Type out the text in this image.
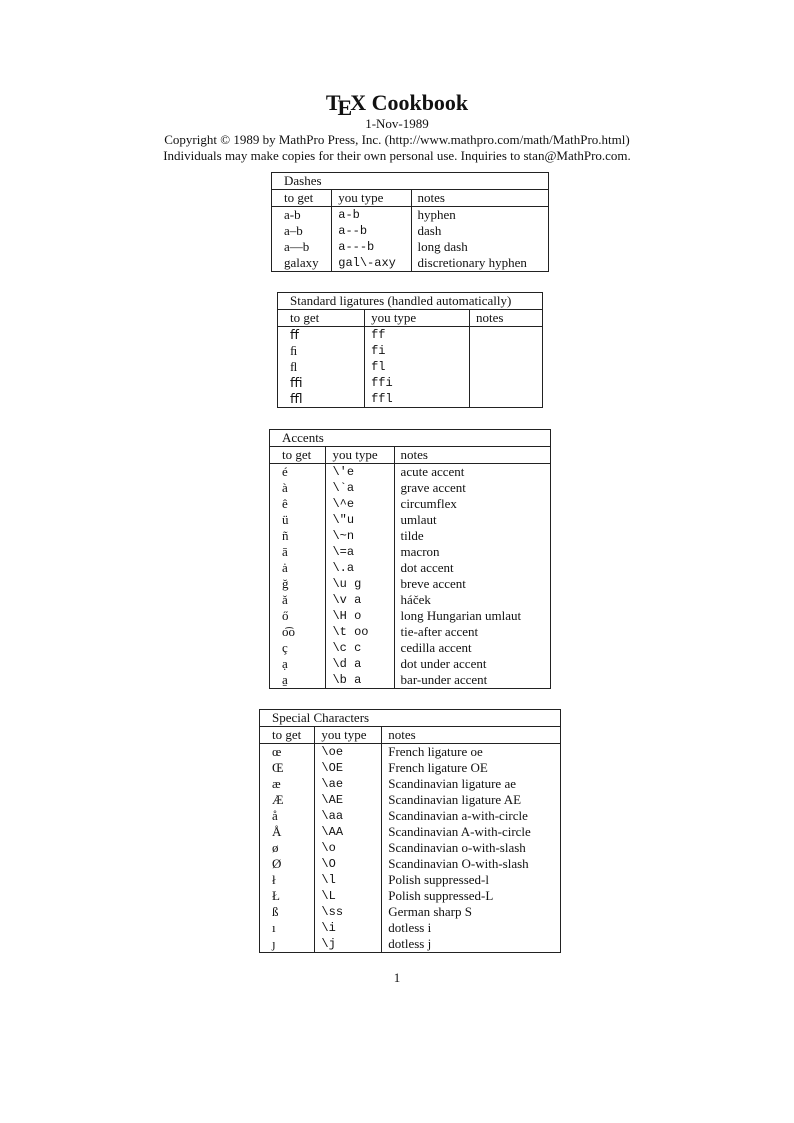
TEX Cookbook
1-Nov-1989
Copyright © 1989 by MathPro Press, Inc. (http://www.mathpro.com/math/MathPro.html)
Individuals may make copies for their own personal use. Inquiries to stan@MathPro.com.
Dashes		
to get	you type	notes
a-b	a-b	hyphen
a–b	a--b	dash
a—b	a---b	long dash
galaxy	gal\-axy	discretionary hyphen
Standard ligatures (handled automatically)		
to get	you type	notes
ﬀ	ff	
ﬁ	fi	
ﬂ	fl	
ﬃ	ffi	
ﬄ	ffl	
Accents		
to get	you type	notes
é	\'e	acute accent
à	\`a	grave accent
ê	\^e	circumflex
ü	\"u	umlaut
ñ	\~n	tilde
ā	\=a	macron
ȧ	\.a	dot accent
ğ	\u g	breve accent
ǎ	\v a	háček
ő	\H o	long Hungarian umlaut
o͡o	\t oo	tie-after accent
ç	\c c	cedilla accent
ạ	\d a	dot under accent
a̱	\b a	bar-under accent
Special Characters		
to get	you type	notes
œ	\oe	French ligature oe
Œ	\OE	French ligature OE
æ	\ae	Scandinavian ligature ae
Æ	\AE	Scandinavian ligature AE
å	\aa	Scandinavian a-with-circle
Å	\AA	Scandinavian A-with-circle
ø	\o	Scandinavian o-with-slash
Ø	\O	Scandinavian O-with-slash
ł	\l	Polish suppressed-l
Ł	\L	Polish suppressed-L
ß	\ss	German sharp S
ı	\i	dotless i
ȷ	\j	dotless j
1
